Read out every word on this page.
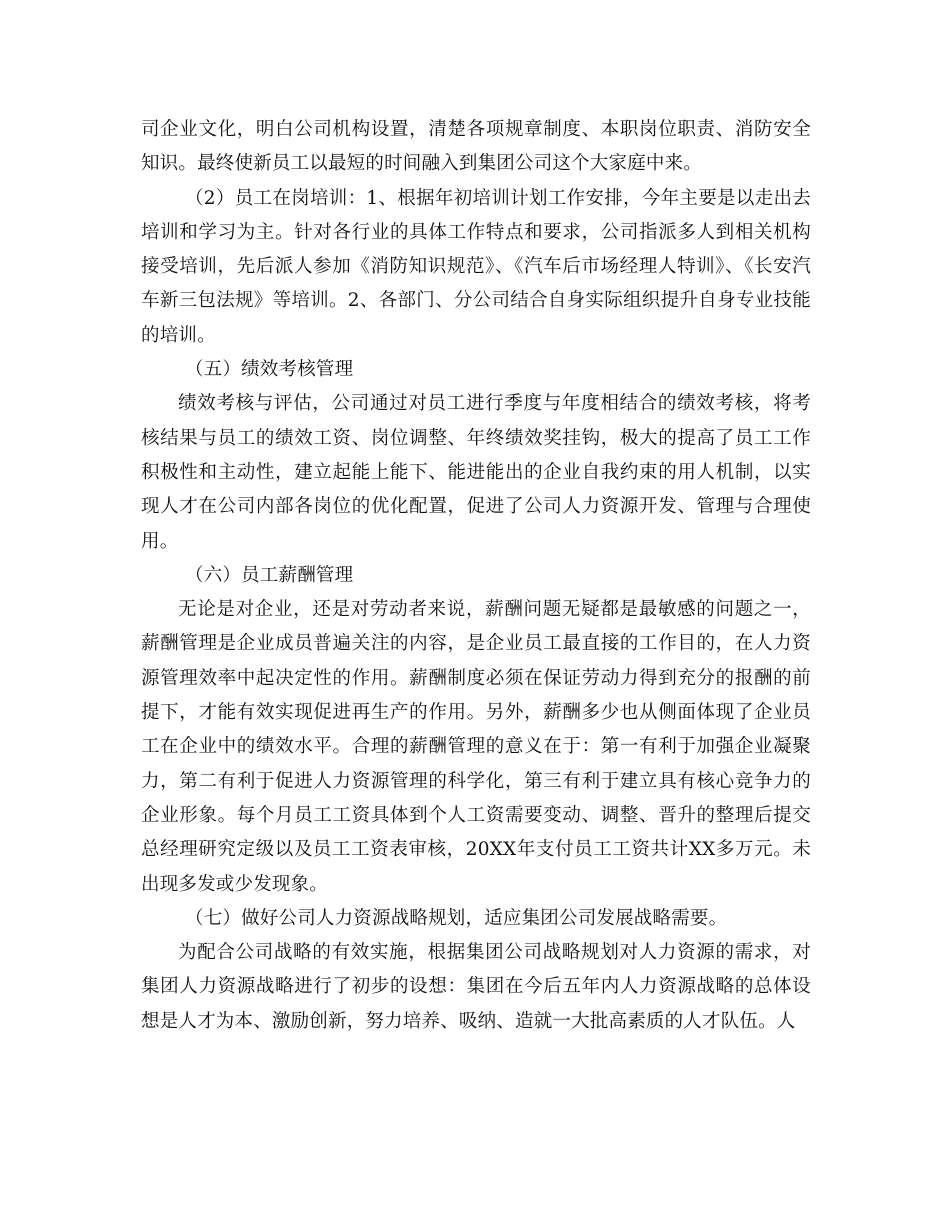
司企业文化，明白公司机构设置，清楚各项规章制度、本职岗位职责、消防安全知识。最终使新员工以最短的时间融入到集团公司这个大家庭中来。

（2）员工在岗培训：1、根据年初培训计划工作安排，今年主要是以走出去培训和学习为主。针对各行业的具体工作特点和要求，公司指派多人到相关机构接受培训，先后派人参加《消防知识规范》、《汽车后市场经理人特训》、《长安汽车新三包法规》等培训。2、各部门、分公司结合自身实际组织提升自身专业技能的培训。

（五）绩效考核管理

绩效考核与评估，公司通过对员工进行季度与年度相结合的绩效考核，将考核结果与员工的绩效工资、岗位调整、年终绩效奖挂钩，极大的提高了员工工作积极性和主动性，建立起能上能下、能进能出的企业自我约束的用人机制，以实现人才在公司内部各岗位的优化配置，促进了公司人力资源开发、管理与合理使用。

（六）员工薪酬管理

无论是对企业，还是对劳动者来说，薪酬问题无疑都是最敏感的问题之一，薪酬管理是企业成员普遍关注的内容，是企业员工最直接的工作目的，在人力资源管理效率中起决定性的作用。薪酬制度必须在保证劳动力得到充分的报酬的前提下，才能有效实现促进再生产的作用。另外，薪酬多少也从侧面体现了企业员工在企业中的绩效水平。合理的薪酬管理的意义在于：第一有利于加强企业凝聚力，第二有利于促进人力资源管理的科学化，第三有利于建立具有核心竞争力的企业形象。每个月员工工资具体到个人工资需要变动、调整、晋升的整理后提交总经理研究定级以及员工工资表审核，20XX年支付员工工资共计XX多万元。未出现多发或少发现象。

（七）做好公司人力资源战略规划，适应集团公司发展战略需要。

为配合公司战略的有效实施，根据集团公司战略规划对人力资源的需求，对集团人力资源战略进行了初步的设想：集团在今后五年内人力资源战略的总体设想是人才为本、激励创新，努力培养、吸纳、造就一大批高素质的人才队伍。人
